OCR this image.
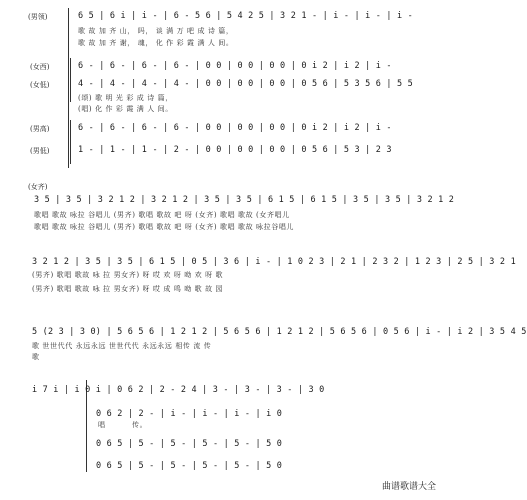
(男领)	6 5 | 6 i | i - | 6 - 5 6 | 5 4 2 5 | 3 2 1 - | i - | i - | i -
歌 故 加 齐 山， 吗， 谈 满 万 吧 成 诗 篇，
歌 故 加 齐 谢， 魂， 化 作 彩 霞 满 人 间。
(女西)	6 - | 6 - | 6 - | 6 - | 0 0 | 0 0 | 0 0 | 0 i 2 | i 2 | i -
(女低)	4 - | 4 - | 4 - | 4 - | 0 0 | 0 0 | 0 0 | 0 5 6 | 5 3 5 6 | 5 5
(颂) 歌 明 光 彩 成 诗 篇，
(唱) 化 作 彩 霞 满 人 间。
(男高)	6 - | 6 - | 6 - | 6 - | 0 0 | 0 0 | 0 0 | 0 i 2 | i 2 | i -
(男低)	1 - | 1 - | 1 - | 2 - | 0 0 | 0 0 | 0 0 | 0 5 6 | 5 3 | 2 3
(女齐)
3 5 | 3 5 | 3 2 1 2 | 3 2 1 2 | 3 5 | 3 5 | 6 1 5 | 6 1 5 | 3 5 | 3 5 | 3 2 1 2
歌唱 歌故 咏拉 谷唱儿 (男齐) 歌唱 歌故 吧 呀 (女齐) 歌唱 歌故 (女齐唱儿
歌唱 歌故 咏拉 谷唱儿 (男齐) 歌唱 歌故 吧 呀 (女齐) 歌唱 歌故 咏拉谷唱儿
3 2 1 2 | 3 5 | 3 5 | 6 1 5 | 0 5 | 3 6 | i - | 1 0 2 3 | 2 1 | 2 3 2 | 1 2 3 | 2 5 | 3 2 1
(男齐) 歌唱 歌故 咏 拉 男女齐) 呀 哎 欢 呀 呦 欢 呀 歌
(男齐) 歌唱 歌故 咏 拉 男女齐) 呀 哎 成 鸣 呦 歌 故 园
5 (2 3 | 3 0) | 5 6 5 6 | 1 2 1 2 | 5 6 5 6 | 1 2 1 2 | 5 6 5 6 | 0 5 6 | i - | i 2 | 3 5 4 5
歌 世世代代 永远永远 世世代代 永远永远 相传 流 传
歌
i 7 i | i 0 i | 0 6 2 | 2 - 2 4 | 3 - | 3 - | 3 - | 3 0
0 6 2 | 2 - | i - | i - | i - | i 0
唱	传。
0 6 5 | 5 - | 5 - | 5 - | 5 - | 5 0
0 6 5 | 5 - | 5 - | 5 - | 5 - | 5 0
曲谱歌谱大全
